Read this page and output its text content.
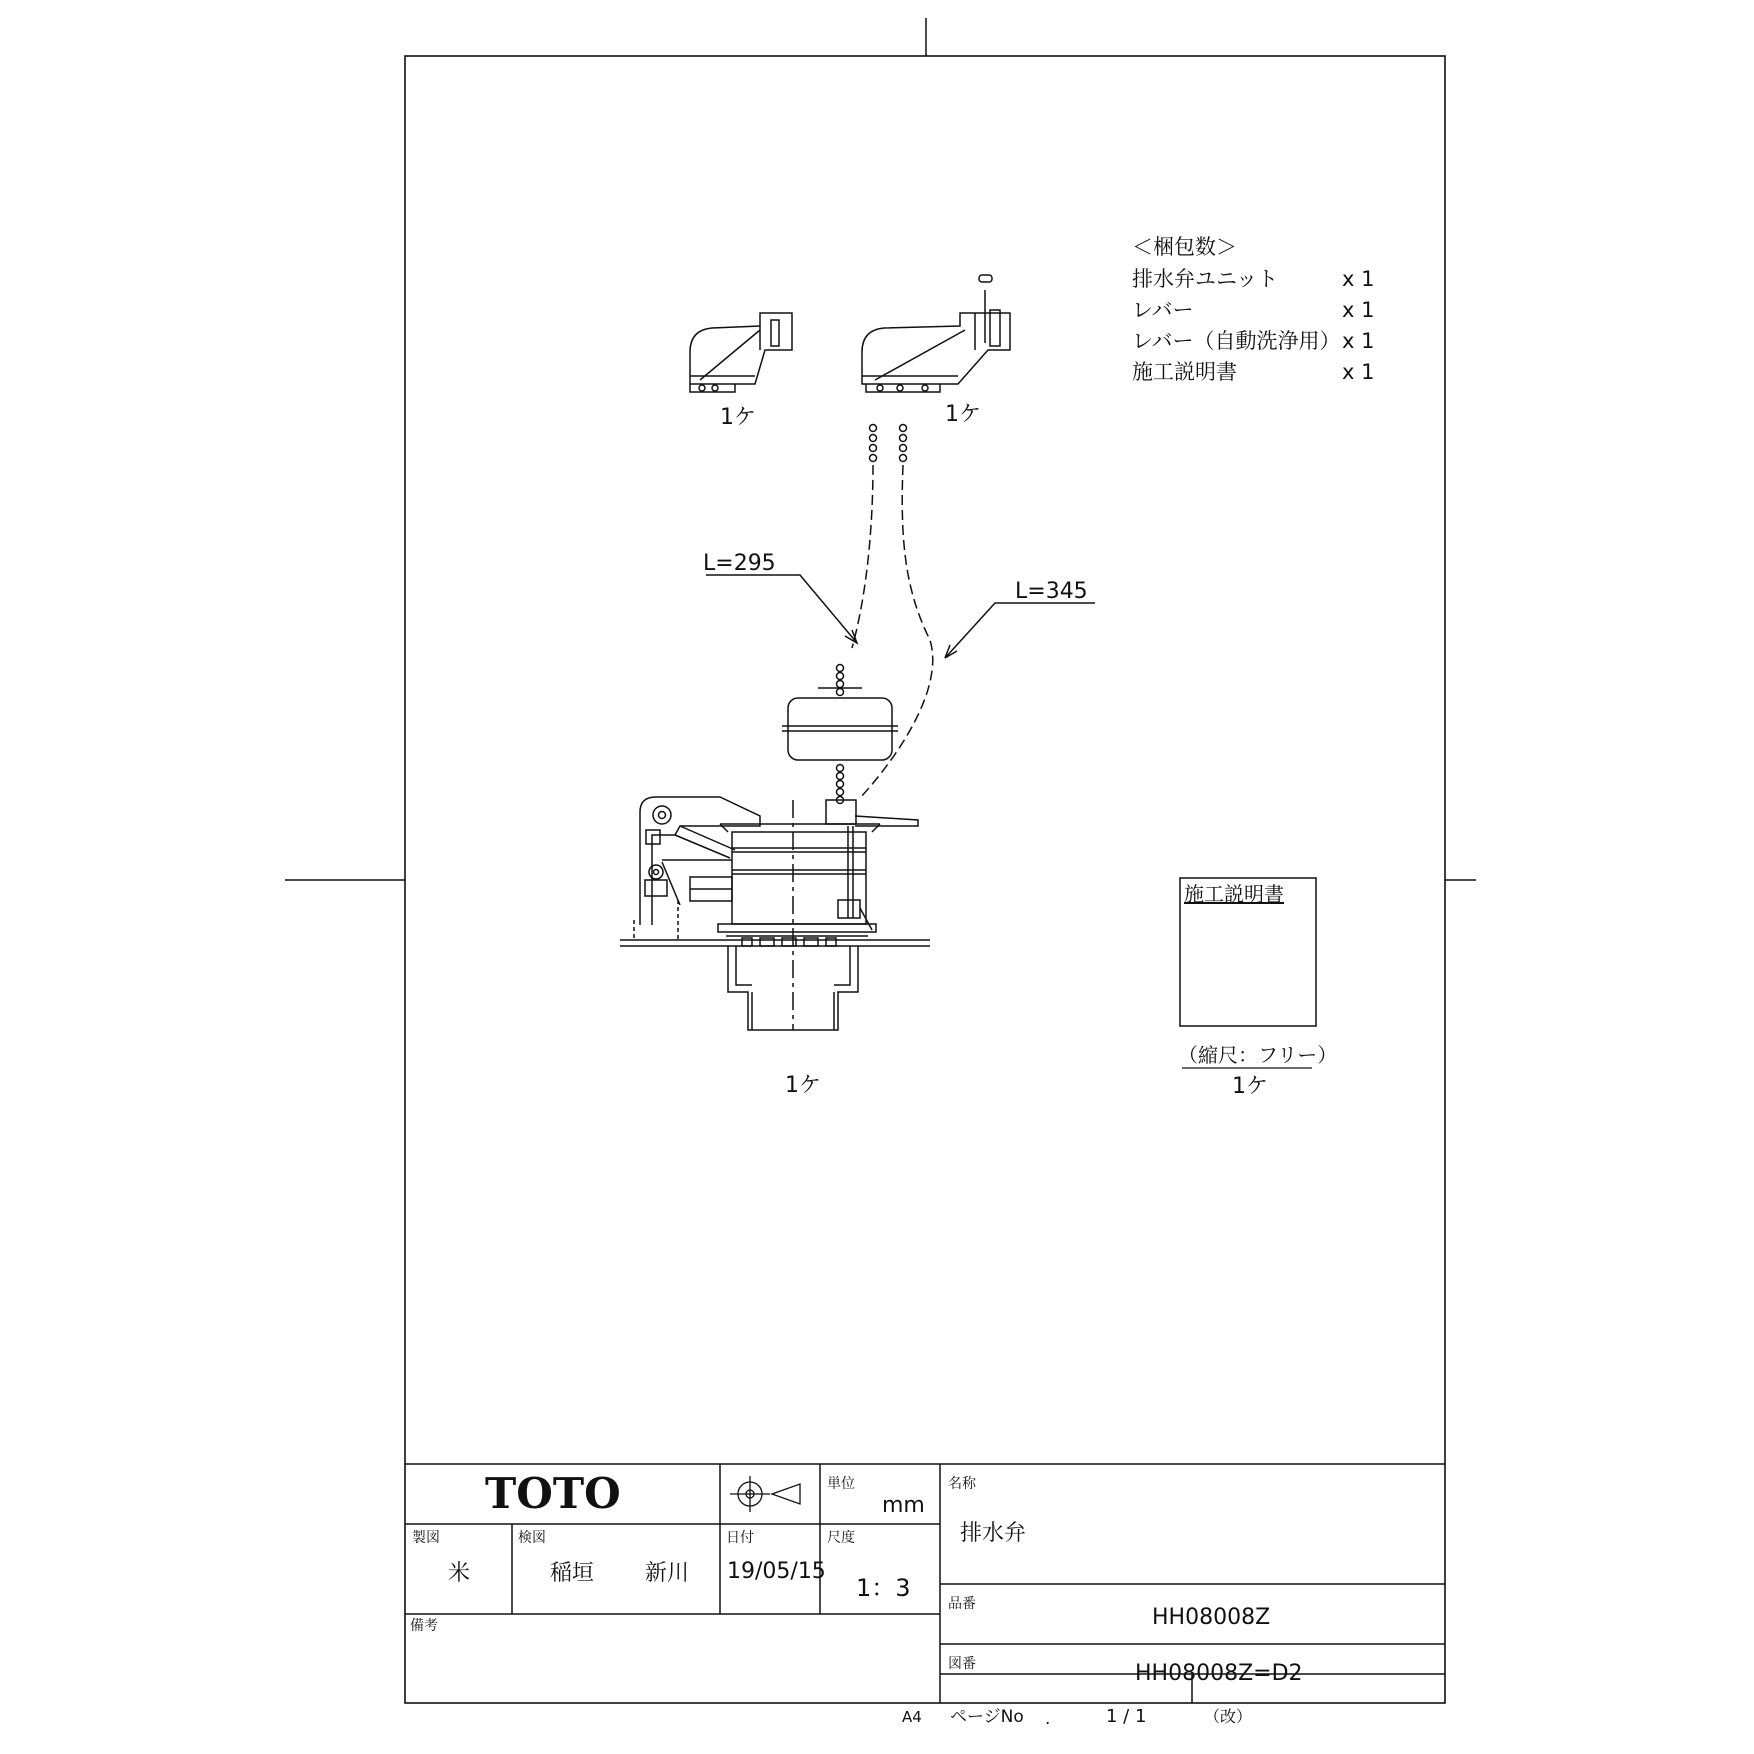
＜梱包数＞
排水弁ユニット	x 1
レバー	x 1
レバー（自動洗浄用） x 1
施工説明書	x 1
1ケ	1ケ
L=295
L=345
1ケ
施工説明書
（縮尺：フリー）
1ケ
TOTO	単位
mm
名称
排水弁
製図
米
検図
稲垣 新川
日付
19/05/15
尺度
1：3
品番
HH08008Z
図番	HH08008Z=D2
備考
A4 ページNo .	1 / 1	（改）
